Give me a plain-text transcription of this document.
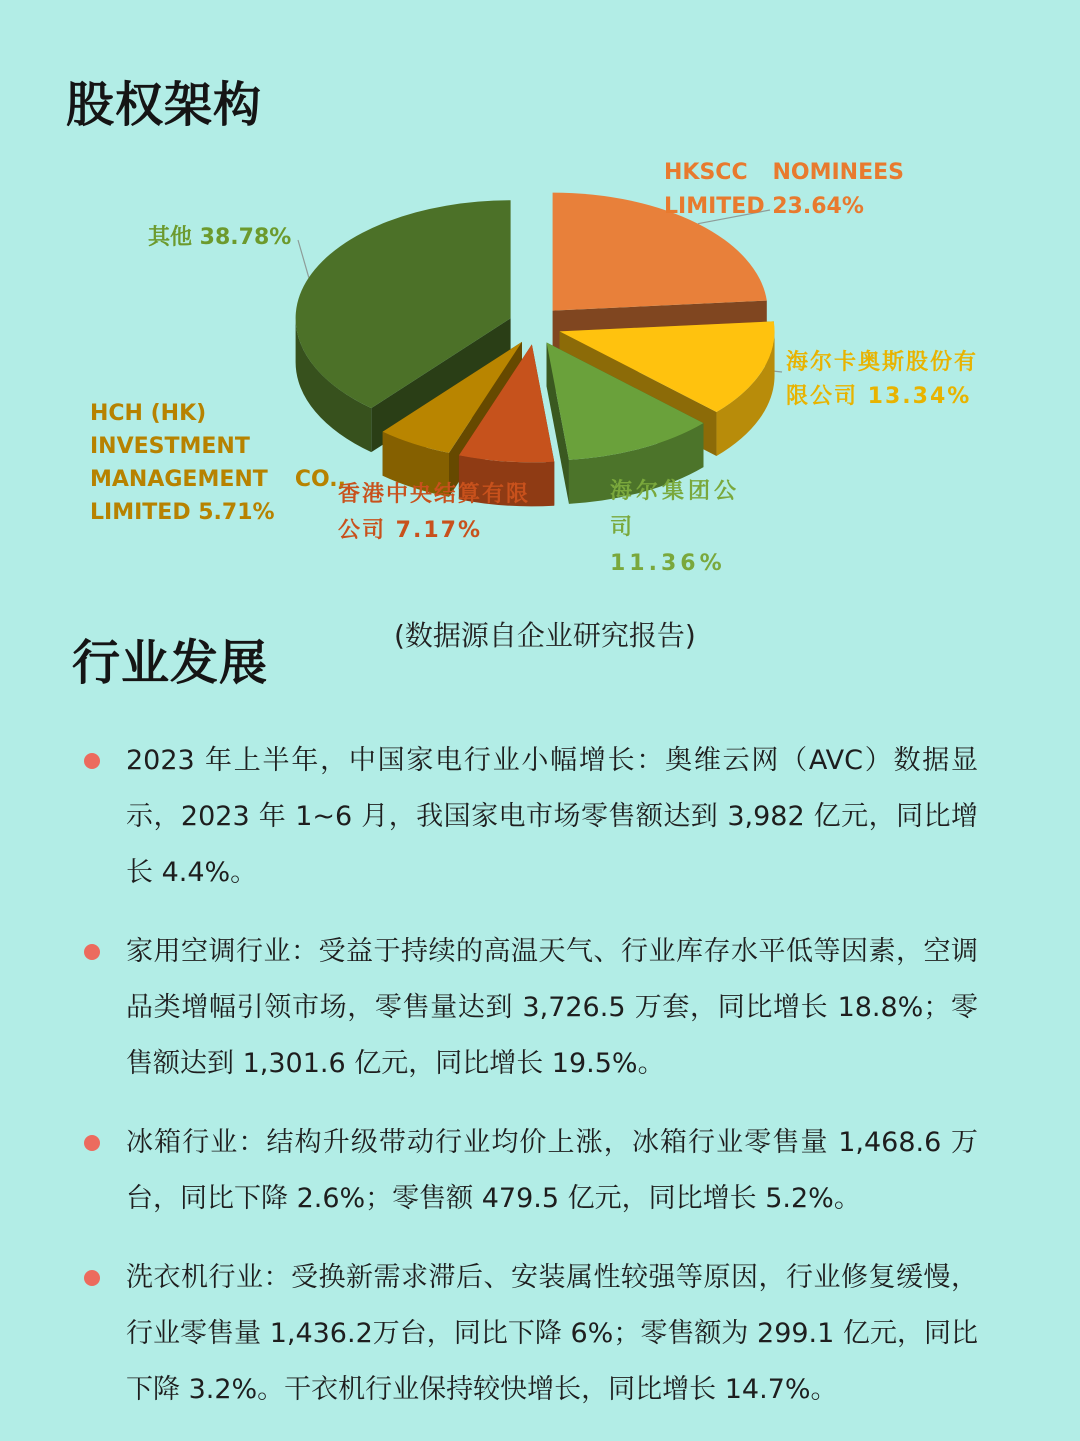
股权架构
HKSCC NOMINEES
LIMITED 23.64%
其他 38.78%
海尔卡奥斯股份有限公司 13.34%
HCH (HK) INVESTMENT
MANAGEMENT CO.,
LIMITED 5.71%
香港中央结算有限公司 7.17%
海尔集团公司 11.36%
行业发展	(数据源自企业研究报告)

2023 年上半年，中国家电行业小幅增长：奥维云网（AVC）数据显示，2023 年 1~6 月，我国家电市场零售额达到 3,982 亿元，同比增长 4.4%。

家用空调行业：受益于持续的高温天气、行业库存水平低等因素，空调品类增幅引领市场，零售量达到 3,726.5 万套，同比增长 18.8%；零售额达到 1,301.6 亿元，同比增长 19.5%。

冰箱行业：结构升级带动行业均价上涨，冰箱行业零售量 1,468.6 万台，同比下降 2.6%；零售额 479.5 亿元，同比增长 5.2%。

洗衣机行业：受换新需求滞后、安装属性较强等原因，行业修复缓慢，行业零售量 1,436.2万台，同比下降 6%；零售额为 299.1 亿元，同比下降 3.2%。干衣机行业保持较快增长，同比增长 14.7%。
